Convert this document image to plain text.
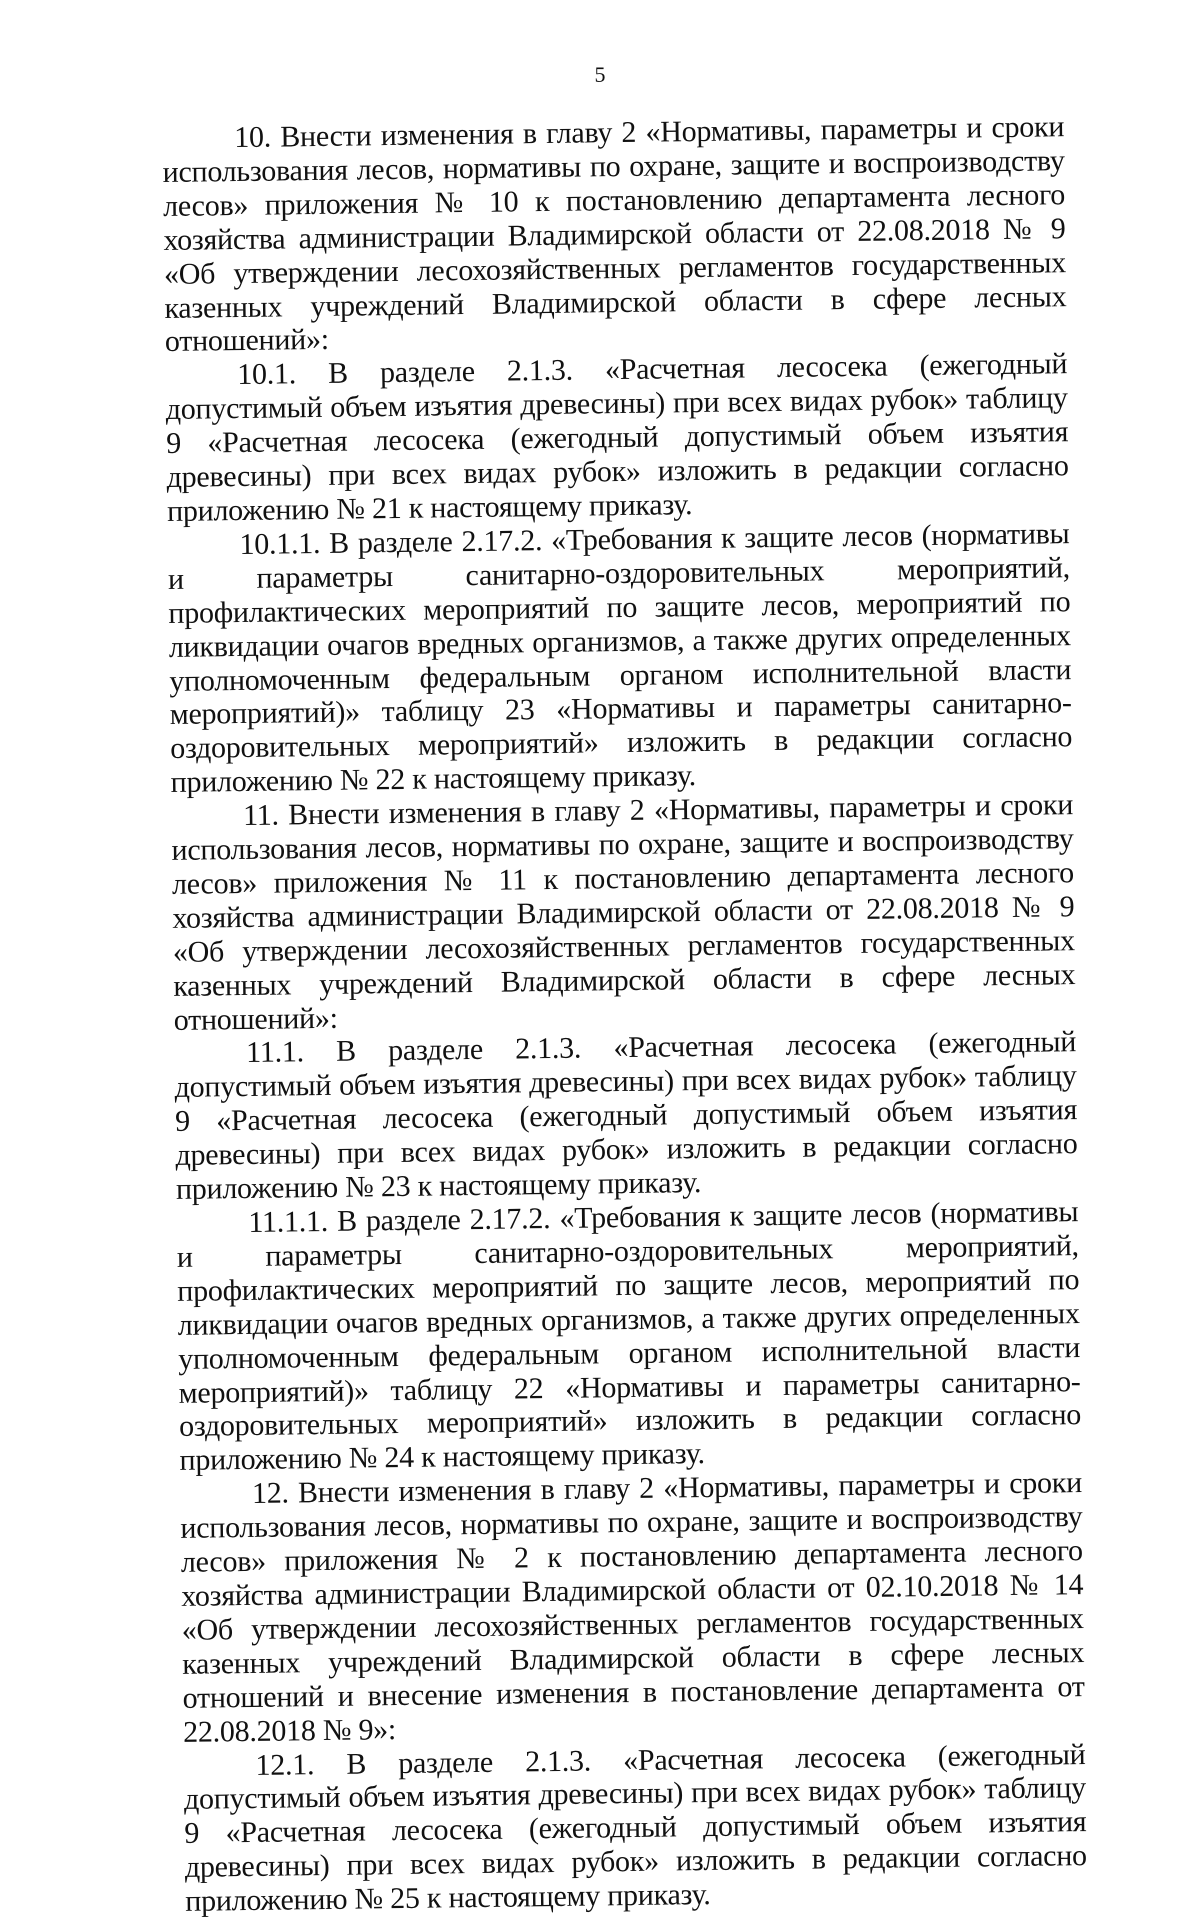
5

10. Внести изменения в главу 2 «Нормативы, параметры и сроки использования лесов, нормативы по охране, защите и воспроизводству лесов» приложения № 10 к постановлению департамента лесного хозяйства администрации Владимирской области от 22.08.2018 № 9 «Об утверждении лесохозяйственных регламентов государственных казенных учреждений Владимирской области в сфере лесных отношений»:

10.1. В разделе 2.1.3. «Расчетная лесосека (ежегодный допустимый объем изъятия древесины) при всех видах рубок» таблицу 9 «Расчетная лесосека (ежегодный допустимый объем изъятия древесины) при всех видах рубок» изложить в редакции согласно приложению № 21 к настоящему приказу.

10.1.1. В разделе 2.17.2. «Требования к защите лесов (нормативы и параметры санитарно-оздоровительных мероприятий, профилактических мероприятий по защите лесов, мероприятий по ликвидации очагов вредных организмов, а также других определенных уполномоченным федеральным органом исполнительной власти мероприятий)» таблицу 23 «Нормативы и параметры санитарно-оздоровительных мероприятий» изложить в редакции согласно приложению № 22 к настоящему приказу.

11. Внести изменения в главу 2 «Нормативы, параметры и сроки использования лесов, нормативы по охране, защите и воспроизводству лесов» приложения № 11 к постановлению департамента лесного хозяйства администрации Владимирской области от 22.08.2018 № 9 «Об утверждении лесохозяйственных регламентов государственных казенных учреждений Владимирской области в сфере лесных отношений»:

11.1. В разделе 2.1.3. «Расчетная лесосека (ежегодный допустимый объем изъятия древесины) при всех видах рубок» таблицу 9 «Расчетная лесосека (ежегодный допустимый объем изъятия древесины) при всех видах рубок» изложить в редакции согласно приложению № 23 к настоящему приказу.

11.1.1. В разделе 2.17.2. «Требования к защите лесов (нормативы и параметры санитарно-оздоровительных мероприятий, профилактических мероприятий по защите лесов, мероприятий по ликвидации очагов вредных организмов, а также других определенных уполномоченным федеральным органом исполнительной власти мероприятий)» таблицу 22 «Нормативы и параметры санитарно-оздоровительных мероприятий» изложить в редакции согласно приложению № 24 к настоящему приказу.

12. Внести изменения в главу 2 «Нормативы, параметры и сроки использования лесов, нормативы по охране, защите и воспроизводству лесов» приложения № 2 к постановлению департамента лесного хозяйства администрации Владимирской области от 02.10.2018 № 14 «Об утверждении лесохозяйственных регламентов государственных казенных учреждений Владимирской области в сфере лесных отношений и внесение изменения в постановление департамента от 22.08.2018 № 9»:

12.1. В разделе 2.1.3. «Расчетная лесосека (ежегодный допустимый объем изъятия древесины) при всех видах рубок» таблицу 9 «Расчетная лесосека (ежегодный допустимый объем изъятия древесины) при всех видах рубок» изложить в редакции согласно приложению № 25 к настоящему приказу.
